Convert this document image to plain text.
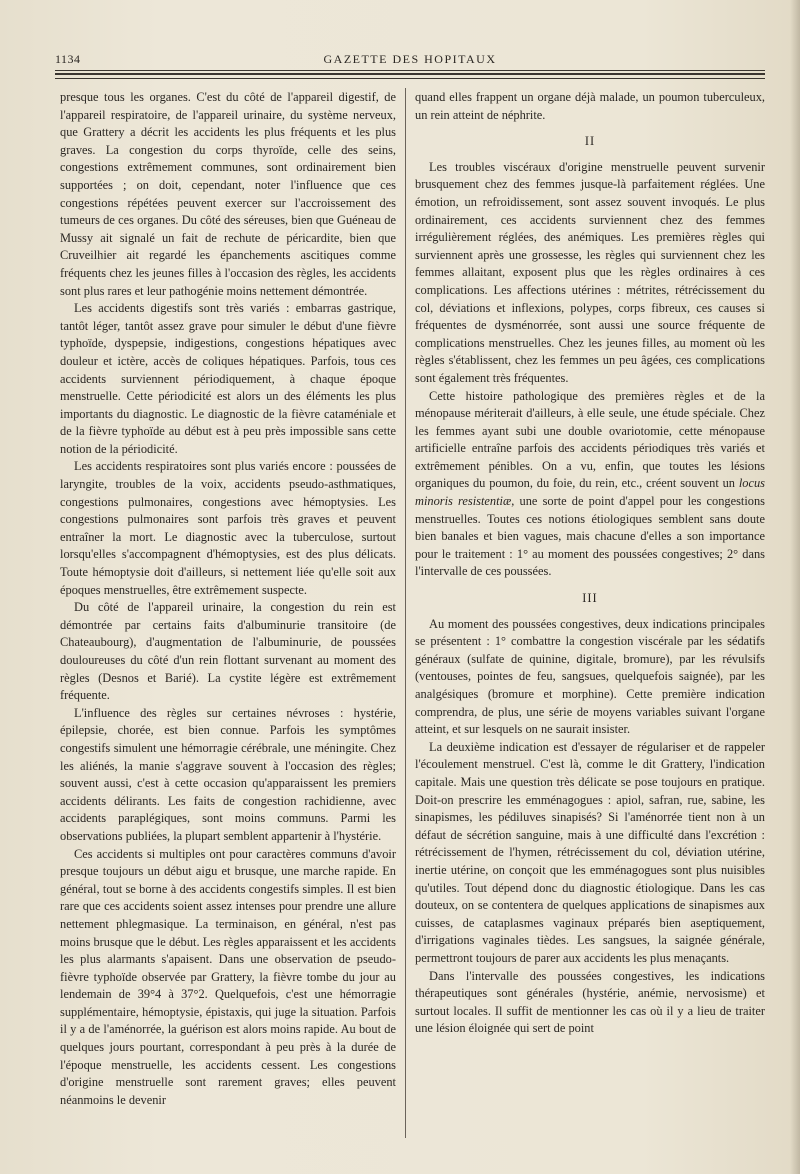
1134	GAZETTE DES HOPITAUX

presque tous les organes. C'est du côté de l'appareil digestif, de l'appareil respiratoire, de l'appareil urinaire, du système nerveux, que Grattery a décrit les accidents les plus fréquents et les plus graves. La congestion du corps thyroïde, celle des seins, congestions extrêmement communes, sont ordinairement bien supportées ; on doit, cependant, noter l'influence que ces congestions répétées peuvent exercer sur l'accroissement des tumeurs de ces organes. Du côté des séreuses, bien que Guéneau de Mussy ait signalé un fait de rechute de péricardite, bien que Cruveilhier ait regardé les épanchements ascitiques comme fréquents chez les jeunes filles à l'occasion des règles, les accidents sont plus rares et leur pathogénie moins nettement démontrée.

Les accidents digestifs sont très variés : embarras gastrique, tantôt léger, tantôt assez grave pour simuler le début d'une fièvre typhoïde, dyspepsie, indigestions, congestions hépatiques avec douleur et ictère, accès de coliques hépatiques. Parfois, tous ces accidents surviennent périodiquement, à chaque époque menstruelle. Cette périodicité est alors un des éléments les plus importants du diagnostic. Le diagnostic de la fièvre cataméniale et de la fièvre typhoïde au début est à peu près impossible sans cette notion de la périodicité.

Les accidents respiratoires sont plus variés encore : poussées de laryngite, troubles de la voix, accidents pseudo-asthmatiques, congestions pulmonaires, congestions avec hémoptysies. Les congestions pulmonaires sont parfois très graves et peuvent entraîner la mort. Le diagnostic avec la tuberculose, surtout lorsqu'elles s'accompagnent d'hémoptysies, est des plus délicats. Toute hémoptysie doit d'ailleurs, si nettement liée qu'elle soit aux époques menstruelles, être extrêmement suspecte.

Du côté de l'appareil urinaire, la congestion du rein est démontrée par certains faits d'albuminurie transitoire (de Chateaubourg), d'augmentation de l'albuminurie, de poussées douloureuses du côté d'un rein flottant survenant au moment des règles (Desnos et Barié). La cystite légère est extrêmement fréquente.

L'influence des règles sur certaines névroses : hystérie, épilepsie, chorée, est bien connue. Parfois les symptômes congestifs simulent une hémorragie cérébrale, une méningite. Chez les aliénés, la manie s'aggrave souvent à l'occasion des règles; souvent aussi, c'est à cette occasion qu'apparaissent les premiers accidents délirants. Les faits de congestion rachidienne, avec accidents paraplégiques, sont moins communs. Parmi les observations publiées, la plupart semblent appartenir à l'hystérie.

Ces accidents si multiples ont pour caractères communs d'avoir presque toujours un début aigu et brusque, une marche rapide. En général, tout se borne à des accidents congestifs simples. Il est bien rare que ces accidents soient assez intenses pour prendre une allure nettement phlegmasique. La terminaison, en général, n'est pas moins brusque que le début. Les règles apparaissent et les accidents les plus alarmants s'apaisent. Dans une observation de pseudo-fièvre typhoïde observée par Grattery, la fièvre tombe du jour au lendemain de 39°4 à 37°2. Quelquefois, c'est une hémorragie supplémentaire, hémoptysie, épistaxis, qui juge la situation. Parfois il y a de l'aménorrée, la guérison est alors moins rapide. Au bout de quelques jours pourtant, correspondant à peu près à la durée de l'époque menstruelle, les accidents cessent. Les congestions d'origine menstruelle sont rarement graves; elles peuvent néanmoins le devenir

quand elles frappent un organe déjà malade, un poumon tuberculeux, un rein atteint de néphrite.

II

Les troubles viscéraux d'origine menstruelle peuvent survenir brusquement chez des femmes jusque-là parfaitement réglées. Une émotion, un refroidissement, sont assez souvent invoqués. Le plus ordinairement, ces accidents surviennent chez des femmes irrégulièrement réglées, des anémiques. Les premières règles qui surviennent après une grossesse, les règles qui surviennent chez les femmes allaitant, exposent plus que les règles ordinaires à ces complications. Les affections utérines : métrites, rétrécissement du col, déviations et inflexions, polypes, corps fibreux, ces causes si fréquentes de dysménorrée, sont aussi une source fréquente de complications menstruelles. Chez les jeunes filles, au moment où les règles s'établissent, chez les femmes un peu âgées, ces complications sont également très fréquentes.

Cette histoire pathologique des premières règles et de la ménopause mériterait d'ailleurs, à elle seule, une étude spéciale. Chez les femmes ayant subi une double ovariotomie, cette ménopause artificielle entraîne parfois des accidents périodiques très variés et extrêmement pénibles. On a vu, enfin, que toutes les lésions organiques du poumon, du foie, du rein, etc., créent souvent un locus minoris resistentiæ, une sorte de point d'appel pour les congestions menstruelles. Toutes ces notions étiologiques semblent sans doute bien banales et bien vagues, mais chacune d'elles a son importance pour le traitement : 1° au moment des poussées congestives; 2° dans l'intervalle de ces poussées.

III

Au moment des poussées congestives, deux indications principales se présentent : 1° combattre la congestion viscérale par les sédatifs généraux (sulfate de quinine, digitale, bromure), par les révulsifs (ventouses, pointes de feu, sangsues, quelquefois saignée), par les analgésiques (bromure et morphine). Cette première indication comprendra, de plus, une série de moyens variables suivant l'organe atteint, et sur lesquels on ne saurait insister.

La deuxième indication est d'essayer de régulariser et de rappeler l'écoulement menstruel. C'est là, comme le dit Grattery, l'indication capitale. Mais une question très délicate se pose toujours en pratique. Doit-on prescrire les emménagogues : apiol, safran, rue, sabine, les sinapismes, les pédiluves sinapisés? Si l'aménorrée tient non à un défaut de sécrétion sanguine, mais à une difficulté dans l'excrétion : rétrécissement de l'hymen, rétrécissement du col, déviation utérine, inertie utérine, on conçoit que les emménagogues sont plus nuisibles qu'utiles. Tout dépend donc du diagnostic étiologique. Dans les cas douteux, on se contentera de quelques applications de sinapismes aux cuisses, de cataplasmes vaginaux préparés bien aseptiquement, d'irrigations vaginales tièdes. Les sangsues, la saignée générale, permettront toujours de parer aux accidents les plus menaçants.

Dans l'intervalle des poussées congestives, les indications thérapeutiques sont générales (hystérie, anémie, nervosisme) et surtout locales. Il suffit de mentionner les cas où il y a lieu de traiter une lésion éloignée qui sert de point
